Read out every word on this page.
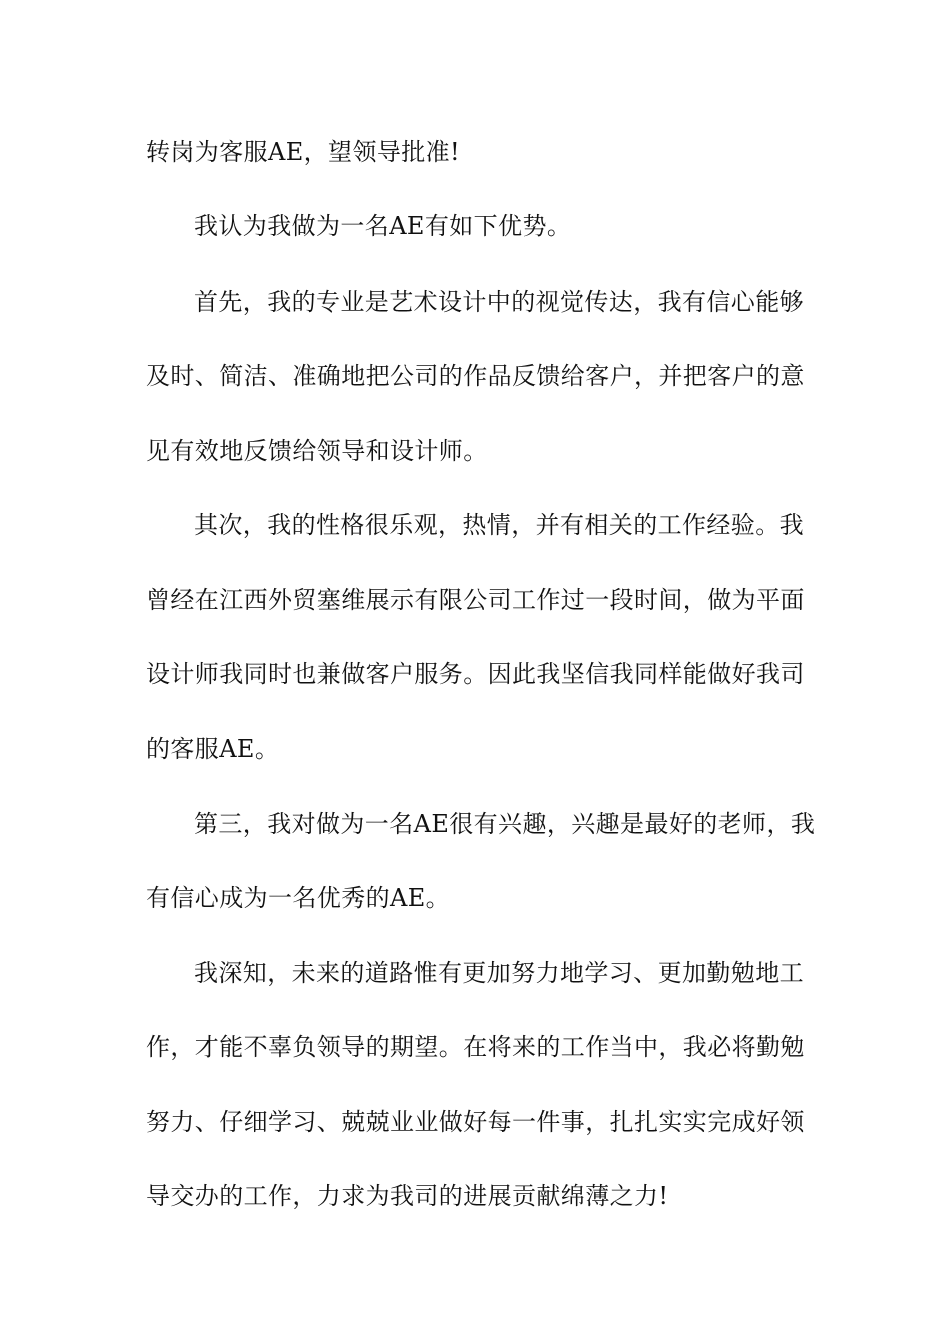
转岗为客服AE，望领导批准!
我认为我做为一名AE有如下优势。
首先，我的专业是艺术设计中的视觉传达，我有信心能够
及时、简洁、准确地把公司的作品反馈给客户，并把客户的意
见有效地反馈给领导和设计师。
其次，我的性格很乐观，热情，并有相关的工作经验。我
曾经在江西外贸塞维展示有限公司工作过一段时间，做为平面
设计师我同时也兼做客户服务。因此我坚信我同样能做好我司
的客服AE。
第三，我对做为一名AE很有兴趣，兴趣是最好的老师，我
有信心成为一名优秀的AE。
我深知，未来的道路惟有更加努力地学习、更加勤勉地工
作，才能不辜负领导的期望。在将来的工作当中，我必将勤勉
努力、仔细学习、兢兢业业做好每一件事，扎扎实实完成好领
导交办的工作，力求为我司的进展贡献绵薄之力!
